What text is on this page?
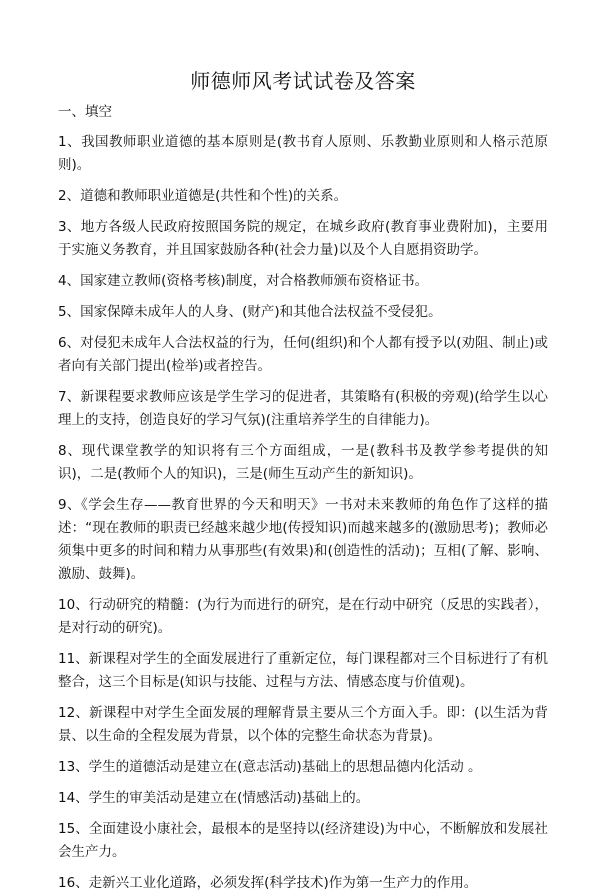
师德师风考试试卷及答案
一、填空
1、我国教师职业道德的基本原则是(教书育人原则、乐教勤业原则和人格示范原则)。
2、道德和教师职业道德是(共性和个性)的关系。
3、地方各级人民政府按照国务院的规定，在城乡政府(教育事业费附加)，主要用于实施义务教育，并且国家鼓励各种(社会力量)以及个人自愿捐资助学。
4、国家建立教师(资格考核)制度，对合格教师颁布资格证书。
5、国家保障未成年人的人身、(财产)和其他合法权益不受侵犯。
6、对侵犯未成年人合法权益的行为，任何(组织)和个人都有授予以(劝阻、制止)或者向有关部门提出(检举)或者控告。
7、新课程要求教师应该是学生学习的促进者，其策略有(积极的旁观)(给学生以心理上的支持，创造良好的学习气氛)(注重培养学生的自律能力)。
8、现代课堂教学的知识将有三个方面组成，一是(教科书及教学参考提供的知识)，二是(教师个人的知识)，三是(师生互动产生的新知识)。
9、《学会生存——教育世界的今天和明天》一书对未来教师的角色作了这样的描述：“现在教师的职责已经越来越少地(传授知识)而越来越多的(激励思考)；教师必须集中更多的时间和精力从事那些(有效果)和(创造性的活动)；互相(了解、影响、激励、鼓舞)。
10、行动研究的精髓：(为行为而进行的研究，是在行动中研究（反思的实践者），是对行动的研究)。
11、新课程对学生的全面发展进行了重新定位，每门课程都对三个目标进行了有机整合，这三个目标是(知识与技能、过程与方法、情感态度与价值观)。
12、新课程中对学生全面发展的理解背景主要从三个方面入手。即：(以生活为背景、以生命的全程发展为背景，以个体的完整生命状态为背景)。
13、学生的道德活动是建立在(意志活动)基础上的思想品德内化活动 。
14、学生的审美活动是建立在(情感活动)基础上的。
15、全面建设小康社会，最根本的是坚持以(经济建设)为中心，不断解放和发展社会生产力。
16、走新兴工业化道路，必须发挥(科学技术)作为第一生产力的作用。
